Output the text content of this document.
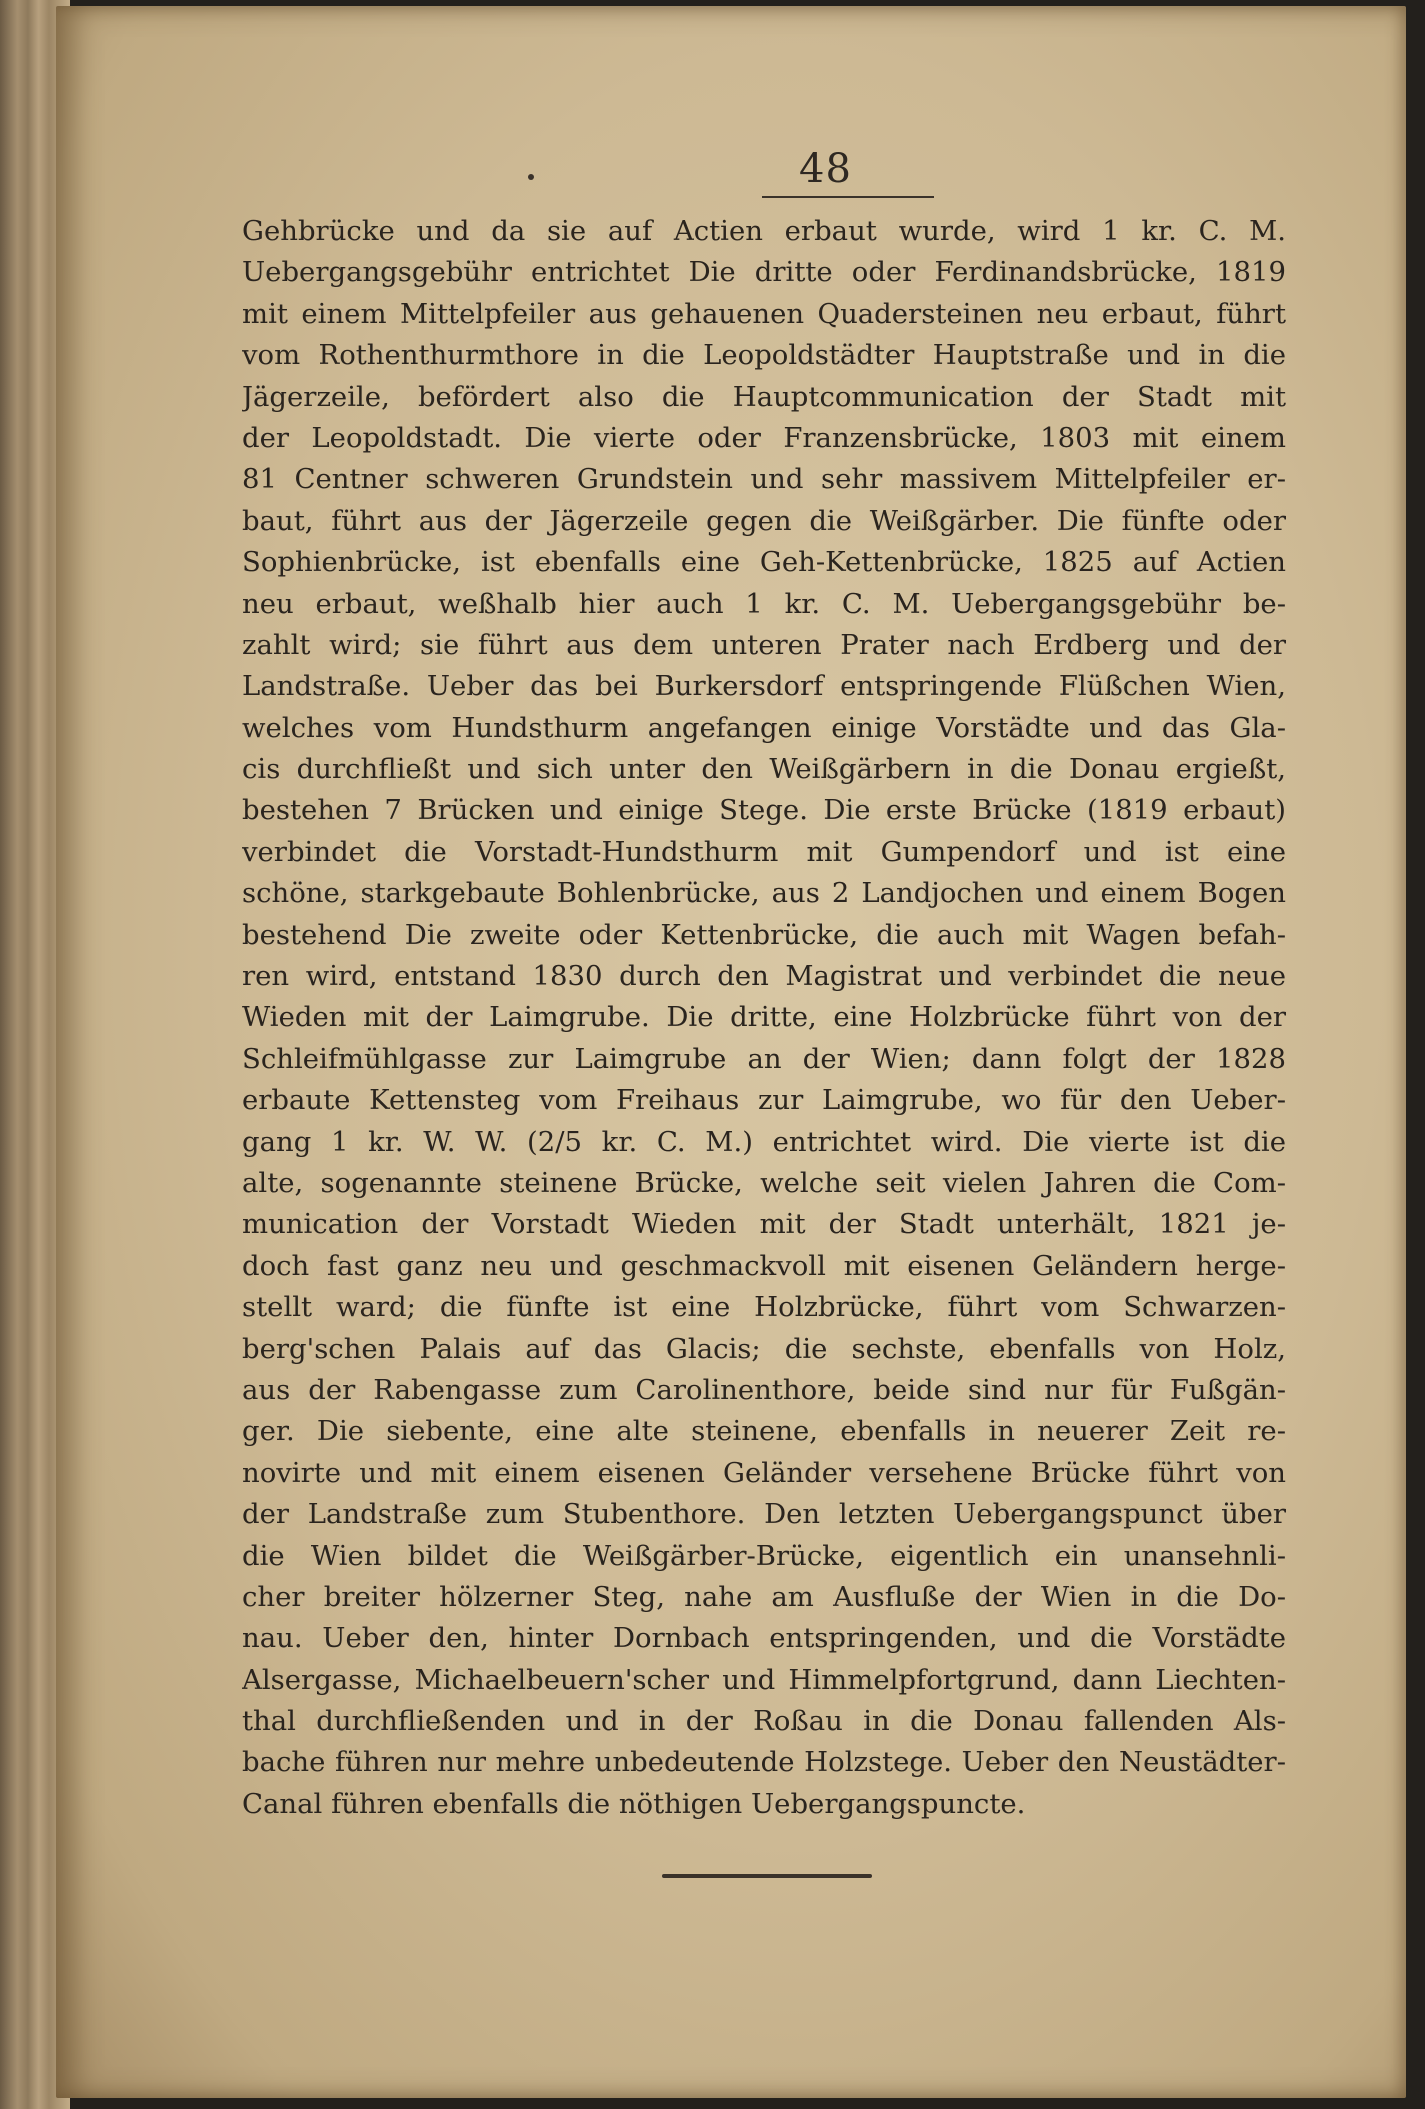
48
Gehbrücke und da sie auf Actien erbaut wurde, wird 1 kr. C. M.
Uebergangsgebühr entrichtet Die dritte oder Ferdinandsbrücke, 1819
mit einem Mittelpfeiler aus gehauenen Quadersteinen neu erbaut, führt
vom Rothenthurmthore in die Leopoldstädter Hauptstraße und in die
Jägerzeile, befördert also die Hauptcommunication der Stadt mit
der Leopoldstadt. Die vierte oder Franzensbrücke, 1803 mit einem
81 Centner schweren Grundstein und sehr massivem Mittelpfeiler er-
baut, führt aus der Jägerzeile gegen die Weißgärber. Die fünfte oder
Sophienbrücke, ist ebenfalls eine Geh-Kettenbrücke, 1825 auf Actien
neu erbaut, weßhalb hier auch 1 kr. C. M. Uebergangsgebühr be-
zahlt wird; sie führt aus dem unteren Prater nach Erdberg und der
Landstraße. Ueber das bei Burkersdorf entspringende Flüßchen Wien,
welches vom Hundsthurm angefangen einige Vorstädte und das Gla-
cis durchfließt und sich unter den Weißgärbern in die Donau ergießt,
bestehen 7 Brücken und einige Stege. Die erste Brücke (1819 erbaut)
verbindet die Vorstadt-Hundsthurm mit Gumpendorf und ist eine
schöne, starkgebaute Bohlenbrücke, aus 2 Landjochen und einem Bogen
bestehend Die zweite oder Kettenbrücke, die auch mit Wagen befah-
ren wird, entstand 1830 durch den Magistrat und verbindet die neue
Wieden mit der Laimgrube. Die dritte, eine Holzbrücke führt von der
Schleifmühlgasse zur Laimgrube an der Wien; dann folgt der 1828
erbaute Kettensteg vom Freihaus zur Laimgrube, wo für den Ueber-
gang 1 kr. W. W. (2/5 kr. C. M.) entrichtet wird. Die vierte ist die
alte, sogenannte steinene Brücke, welche seit vielen Jahren die Com-
munication der Vorstadt Wieden mit der Stadt unterhält, 1821 je-
doch fast ganz neu und geschmackvoll mit eisenen Geländern herge-
stellt ward; die fünfte ist eine Holzbrücke, führt vom Schwarzen-
berg'schen Palais auf das Glacis; die sechste, ebenfalls von Holz,
aus der Rabengasse zum Carolinenthore, beide sind nur für Fußgän-
ger. Die siebente, eine alte steinene, ebenfalls in neuerer Zeit re-
novirte und mit einem eisenen Geländer versehene Brücke führt von
der Landstraße zum Stubenthore. Den letzten Uebergangspunct über
die Wien bildet die Weißgärber-Brücke, eigentlich ein unansehnli-
cher breiter hölzerner Steg, nahe am Ausfluße der Wien in die Do-
nau. Ueber den, hinter Dornbach entspringenden, und die Vorstädte
Alsergasse, Michaelbeuern'scher und Himmelpfortgrund, dann Liechten-
thal durchfließenden und in der Roßau in die Donau fallenden Als-
bache führen nur mehre unbedeutende Holzstege. Ueber den Neustädter-
Canal führen ebenfalls die nöthigen Uebergangspuncte.
